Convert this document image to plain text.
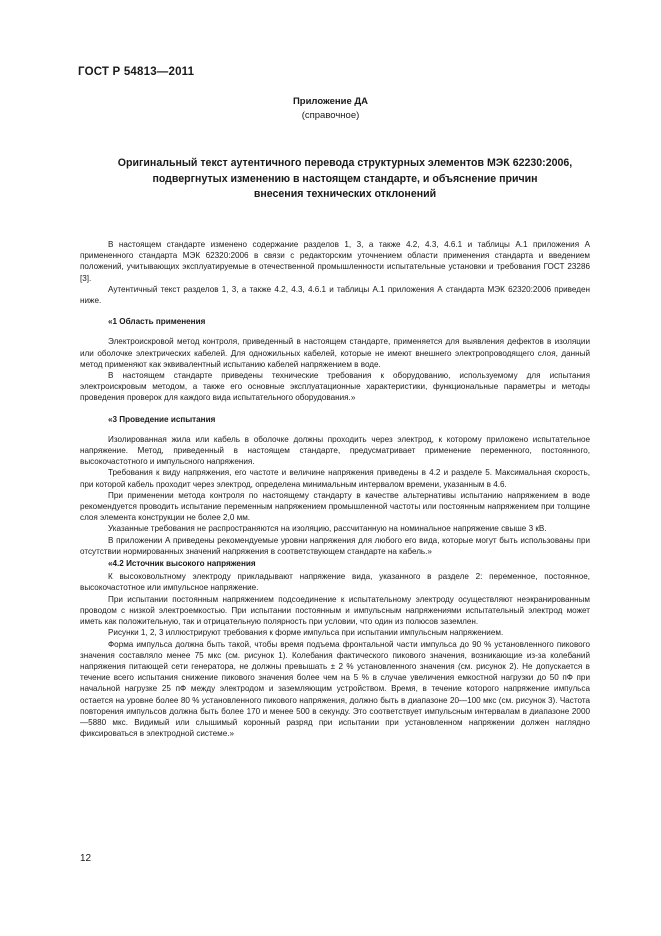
ГОСТ Р 54813—2011
Приложение ДА
(справочное)
Оригинальный текст аутентичного перевода структурных элементов МЭК 62230:2006,
подвергнутых изменению в настоящем стандарте, и объяснение причин
внесения технических отклонений

В настоящем стандарте изменено содержание разделов 1, 3, а также 4.2, 4.3, 4.6.1 и таблицы А.1 приложения А примененного стандарта МЭК 62320:2006 в связи с редакторским уточнением области применения стандарта и введением положений, учитывающих эксплуатируемые в отечественной промышленности испытательные установки и требования ГОСТ 23286 [3].

Аутентичный текст разделов 1, 3, а также 4.2, 4.3, 4.6.1 и таблицы А.1 приложения А стандарта МЭК 62320:2006 приведен ниже.

«1 Область применения

Электроискровой метод контроля, приведенный в настоящем стандарте, применяется для выявления дефектов в изоляции или оболочке электрических кабелей. Для одножильных кабелей, которые не имеют внешнего электропроводящего слоя, данный метод применяют как эквивалентный испытанию кабелей напряжением в воде.

В настоящем стандарте приведены технические требования к оборудованию, используемому для испытания электроискровым методом, а также его основные эксплуатационные характеристики, функциональные параметры и методы проведения проверок для каждого вида испытательного оборудования.»

«3 Проведение испытания

Изолированная жила или кабель в оболочке должны проходить через электрод, к которому приложено испытательное напряжение. Метод, приведенный в настоящем стандарте, предусматривает применение переменного, постоянного, высокочастотного и импульсного напряжения.

Требования к виду напряжения, его частоте и величине напряжения приведены в 4.2 и разделе 5. Максимальная скорость, при которой кабель проходит через электрод, определена минимальным интервалом времени, указанным в 4.6.

При применении метода контроля по настоящему стандарту в качестве альтернативы испытанию напряжением в воде рекомендуется проводить испытание переменным напряжением промышленной частоты или постоянным напряжением при толщине слоя элемента конструкции не более 2,0 мм.

Указанные требования не распространяются на изоляцию, рассчитанную на номинальное напряжение свыше 3 кВ.

В приложении А приведены рекомендуемые уровни напряжения для любого его вида, которые могут быть использованы при отсутствии нормированных значений напряжения в соответствующем стандарте на кабель.»

«4.2 Источник высокого напряжения

К высоковольтному электроду прикладывают напряжение вида, указанного в разделе 2: переменное, постоянное, высокочастотное или импульсное напряжение.

При испытании постоянным напряжением подсоединение к испытательному электроду осуществляют неэкранированным проводом с низкой электроемкостью. При испытании постоянным и импульсным напряжениями испытательный электрод может иметь как положительную, так и отрицательную полярность при условии, что один из полюсов заземлен.

Рисунки 1, 2, 3 иллюстрируют требования к форме импульса при испытании импульсным напряжением.

Форма импульса должна быть такой, чтобы время подъема фронтальной части импульса до 90 % установленного пикового значения составляло менее 75 мкс (см. рисунок 1). Колебания фактического пикового значения, возникающие из-за колебаний напряжения питающей сети генератора, не должны превышать ± 2 % установленного значения (см. рисунок 2). Не допускается в течение всего испытания снижение пикового значения более чем на 5 % в случае увеличения емкостной нагрузки до 50 пФ при начальной нагрузке 25 пФ между электродом и заземляющим устройством. Время, в течение которого напряжение импульса остается на уровне более 80 % установленного пикового напряжения, должно быть в диапазоне 20—100 мкс (см. рисунок 3). Частота повторения импульсов должна быть более 170 и менее 500 в секунду. Это соответствует импульсным интервалам в диапазоне 2000—5880 мкс. Видимый или слышимый коронный разряд при испытании при установленном напряжении должен наглядно фиксироваться в электродной системе.»

12
